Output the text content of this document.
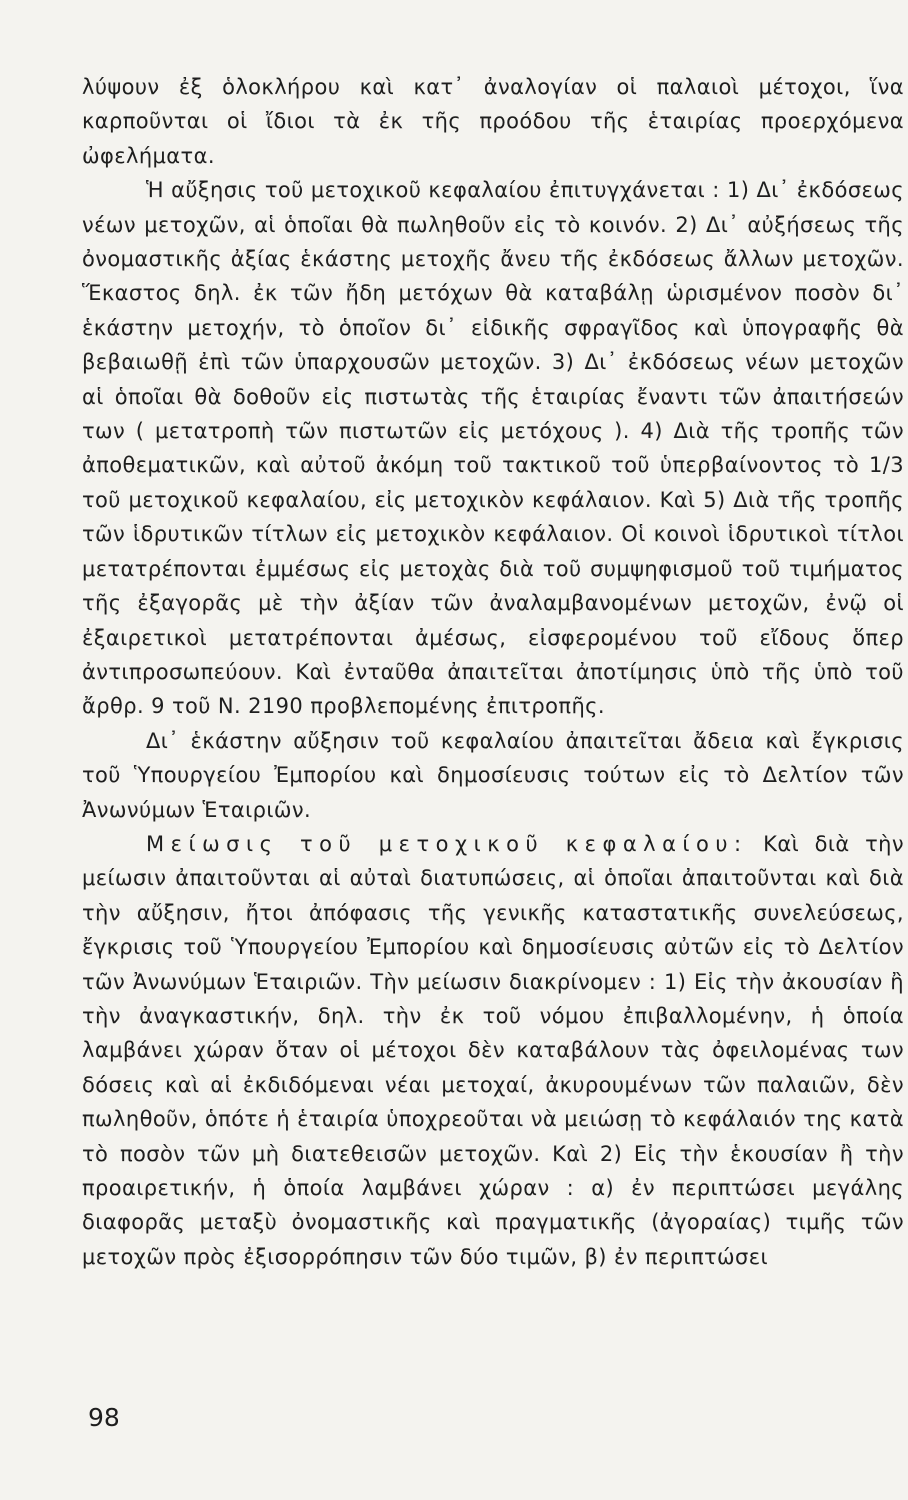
λύψουν ἐξ ὁλοκλήρου καὶ κατ᾿ ἀναλογίαν οἱ παλαιοὶ μέτοχοι, ἵνα καρποῦνται οἱ ἴδιοι τὰ ἐκ τῆς προόδου τῆς ἑταιρίας προερχόμενα ὠφελήματα.

Ἡ αὔξησις τοῦ μετοχικοῦ κεφαλαίου ἐπιτυγχάνεται : 1) Δι᾿ ἐκδόσεως νέων μετοχῶν, αἱ ὁποῖαι θὰ πωληθοῦν εἰς τὸ κοινόν. 2) Δι᾿ αὐξήσεως τῆς ὀνομαστικῆς ἀξίας ἑκάστης μετοχῆς ἄνευ τῆς ἐκδόσεως ἄλλων μετοχῶν. Ἕκαστος δηλ. ἐκ τῶν ἤδη μετόχων θὰ καταβάλῃ ὡρισμένον ποσὸν δι᾿ ἑκάστην μετοχήν, τὸ ὁποῖον δι᾿ εἰδικῆς σφραγῖδος καὶ ὑπογραφῆς θὰ βεβαιωθῇ ἐπὶ τῶν ὑπαρχουσῶν μετοχῶν. 3) Δι᾿ ἐκδόσεως νέων μετοχῶν αἱ ὁποῖαι θὰ δοθοῦν εἰς πιστωτὰς τῆς ἑταιρίας ἔναντι τῶν ἀπαιτήσεών των ( μετατροπὴ τῶν πιστωτῶν εἰς μετόχους ). 4) Διὰ τῆς τροπῆς τῶν ἀποθεματικῶν, καὶ αὐτοῦ ἀκόμη τοῦ τακτικοῦ τοῦ ὑπερβαίνοντος τὸ 1/3 τοῦ μετοχικοῦ κεφαλαίου, εἰς μετοχικὸν κεφάλαιον. Καὶ 5) Διὰ τῆς τροπῆς τῶν ἱδρυτικῶν τίτλων εἰς μετοχικὸν κεφάλαιον. Οἱ κοινοὶ ἱδρυτικοὶ τίτλοι μετατρέπονται ἐμμέσως εἰς μετοχὰς διὰ τοῦ συμψηφισμοῦ τοῦ τιμήματος τῆς ἐξαγορᾶς μὲ τὴν ἀξίαν τῶν ἀναλαμβανομένων μετοχῶν, ἐνῷ οἱ ἐξαιρετικοὶ μετατρέπονται ἀμέσως, εἰσφερομένου τοῦ εἴδους ὅπερ ἀντιπροσωπεύουν. Καὶ ἐνταῦθα ἀπαιτεῖται ἀποτίμησις ὑπὸ τῆς ὑπὸ τοῦ ἄρθρ. 9 τοῦ Ν. 2190 προβλεπομένης ἐπιτροπῆς.

Δι᾿ ἑκάστην αὔξησιν τοῦ κεφαλαίου ἀπαιτεῖται ἄδεια καὶ ἔγκρισις τοῦ Ὑπουργείου Ἐμπορίου καὶ δημοσίευσις τούτων εἰς τὸ Δελτίον τῶν Ἀνωνύμων Ἑταιριῶν.

Μείωσις τοῦ μετοχικοῦ κεφαλαίου: Καὶ διὰ τὴν μείωσιν ἀπαιτοῦνται αἱ αὐταὶ διατυπώσεις, αἱ ὁποῖαι ἀπαιτοῦνται καὶ διὰ τὴν αὔξησιν, ἤτοι ἀπόφασις τῆς γενικῆς καταστατικῆς συνελεύσεως, ἔγκρισις τοῦ Ὑπουργείου Ἐμπορίου καὶ δημοσίευσις αὐτῶν εἰς τὸ Δελτίον τῶν Ἀνωνύμων Ἑταιριῶν. Τὴν μείωσιν διακρίνομεν : 1) Εἰς τὴν ἀκουσίαν ἢ τὴν ἀναγκαστικήν, δηλ. τὴν ἐκ τοῦ νόμου ἐπιβαλλομένην, ἡ ὁποία λαμβάνει χώραν ὅταν οἱ μέτοχοι δὲν καταβάλουν τὰς ὀφειλομένας των δόσεις καὶ αἱ ἐκδιδόμεναι νέαι μετοχαί, ἀκυρουμένων τῶν παλαιῶν, δὲν πωληθοῦν, ὁπότε ἡ ἑταιρία ὑποχρεοῦται νὰ μειώσῃ τὸ κεφάλαιόν της κατὰ τὸ ποσὸν τῶν μὴ διατεθεισῶν μετοχῶν. Καὶ 2) Εἰς τὴν ἑκουσίαν ἢ τὴν προαιρετικήν, ἡ ὁποία λαμβάνει χώραν : α) ἐν περιπτώσει μεγάλης διαφορᾶς μεταξὺ ὀνομαστικῆς καὶ πραγματικῆς (ἀγοραίας) τιμῆς τῶν μετοχῶν πρὸς ἐξισορρόπησιν τῶν δύο τιμῶν, β) ἐν περιπτώσει

98
